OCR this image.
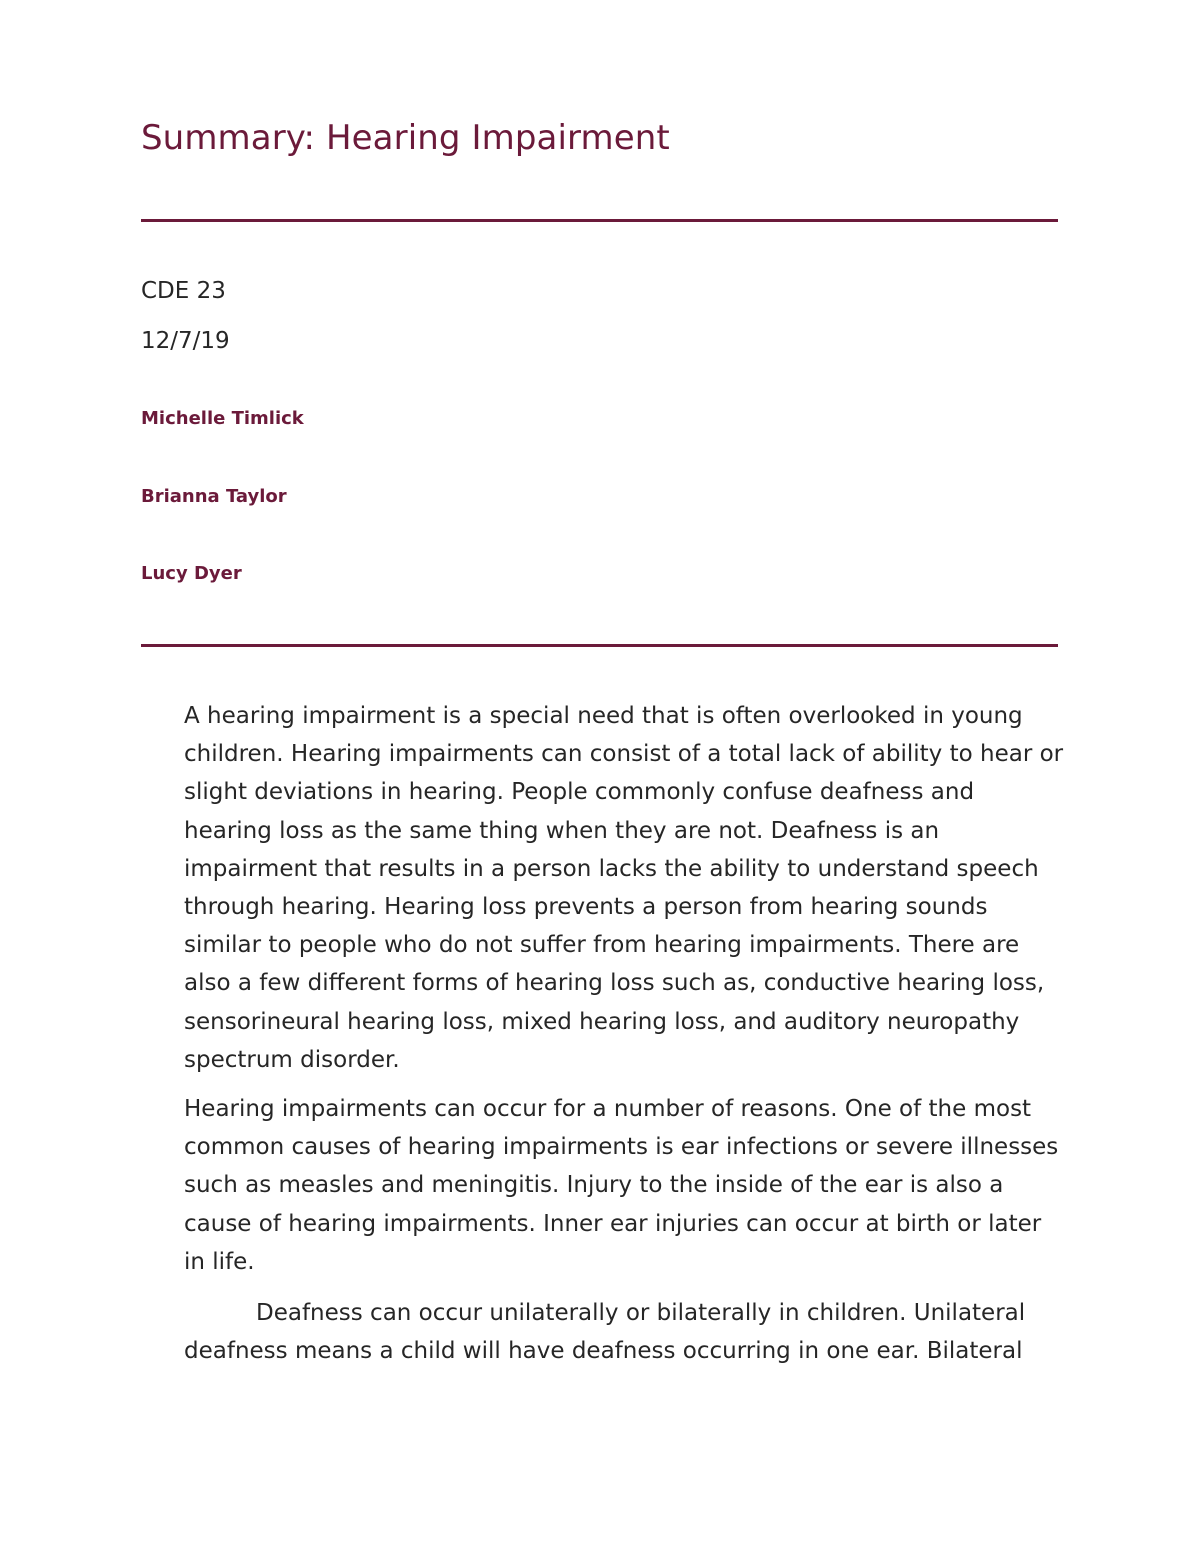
Summary: Hearing Impairment
CDE 23
12/7/19
Michelle Timlick
Brianna Taylor
Lucy Dyer

A hearing impairment is a special need that is often overlooked in young children. Hearing impairments can consist of a total lack of ability to hear or slight deviations in hearing. People commonly confuse deafness and hearing loss as the same thing when they are not. Deafness is an impairment that results in a person lacks the ability to understand speech through hearing. Hearing loss prevents a person from hearing sounds similar to people who do not suffer from hearing impairments. There are also a few different forms of hearing loss such as, conductive hearing loss, sensorineural hearing loss, mixed hearing loss, and auditory neuropathy spectrum disorder.

Hearing impairments can occur for a number of reasons. One of the most common causes of hearing impairments is ear infections or severe illnesses such as measles and meningitis. Injury to the inside of the ear is also a cause of hearing impairments. Inner ear injuries can occur at birth or later in life.

Deafness can occur unilaterally or bilaterally in children. Unilateral deafness means a child will have deafness occurring in one ear. Bilateral
